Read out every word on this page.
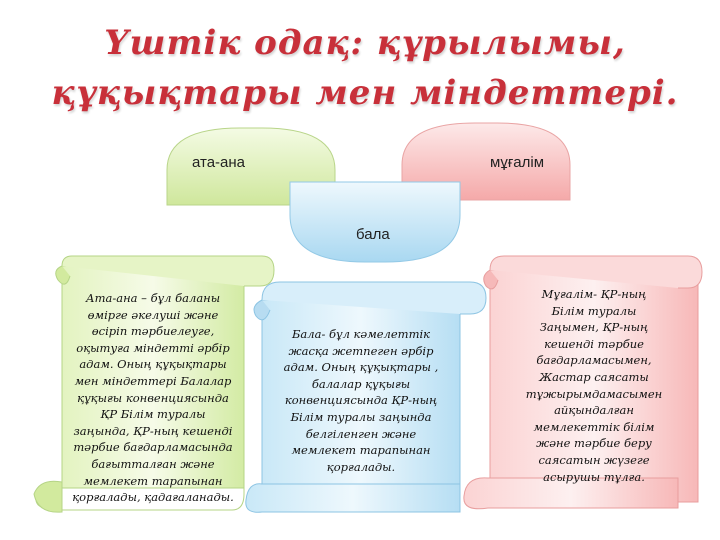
Үштік одақ: құрылымы,
құқықтары мен міндеттері.
ата-ана	мұғалім
бала
Ата-ана – бұл баланы
өмірге әкелуші және
өсіріп тәрбиелеуге,
оқытуға міндетті әрбір
адам. Оның құқықтары
мен міндеттері Балалар
құқығы конвенциясында
ҚР Білім туралы
заңында, ҚР-ның кешенді
тәрбие бағдарламасында
бағытталған және
мемлекет тарапынан
қорғалады, қадағаланады.
Бала- бұл кәмелеттік
жасқа жетпеген әрбір
адам. Оның құқықтары ,
балалар құқығы
конвенциясында ҚР-ның
Білім туралы заңында
белгіленген және
мемлекет тарапынан
қорғалады.
Мұғалім- ҚР-ның
Білім туралы
Заңымен, ҚР-ның
кешенді тәрбие
бағдарламасымен,
Жастар саясаты
тұжырымдамасымен
айқындалған
мемлекеттік білім
және тәрбие беру
саясатын жүзеге
асырушы тұлға.
